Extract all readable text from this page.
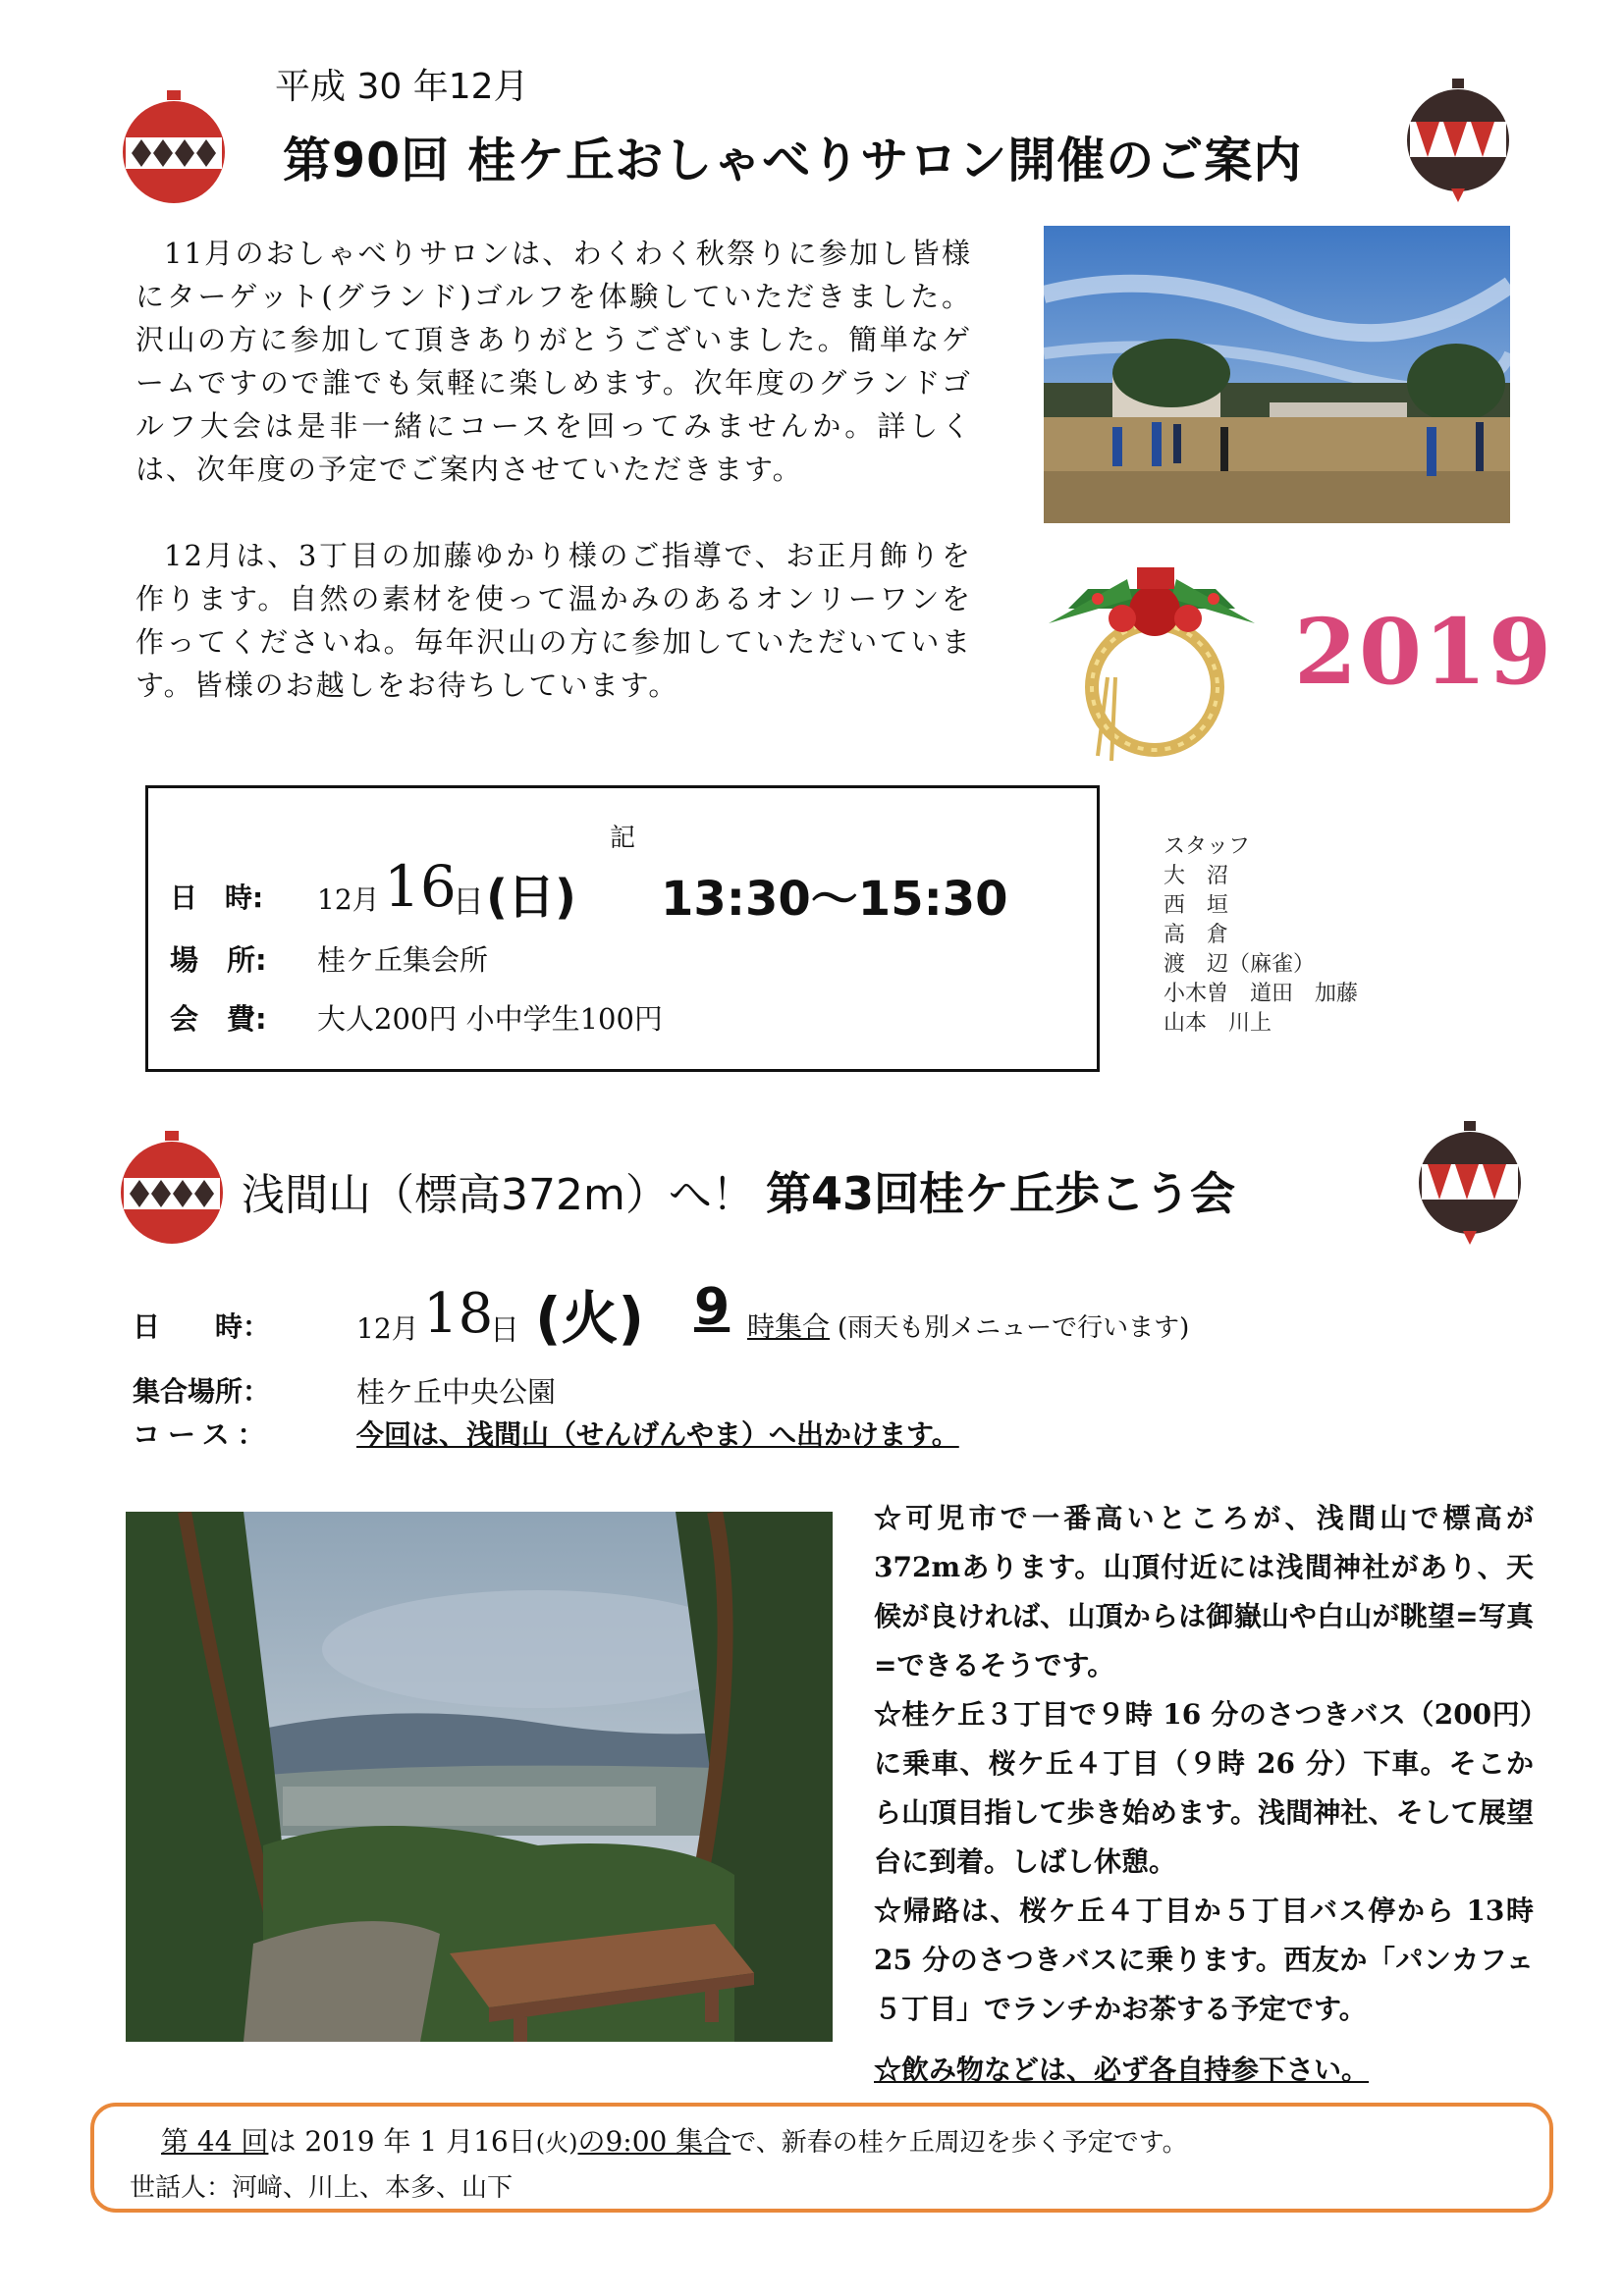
平成 30 年12月
第90回 桂ケ丘おしゃべりサロン開催のご案内

11月のおしゃべりサロンは、わくわく秋祭りに参加し皆様にターゲット(グランド)ゴルフを体験していただきました。沢山の方に参加して頂きありがとうございました。簡単なゲームですので誰でも気軽に楽しめます。次年度のグランドゴルフ大会は是非一緒にコースを回ってみませんか。詳しくは、次年度の予定でご案内させていただきます。

12月は、3丁目の加藤ゆかり様のご指導で、お正月飾りを作ります。自然の素材を使って温かみのあるオンリーワンを作ってくださいね。毎年沢山の方に参加していただいています。皆様のお越しをお待ちしています。	2019
記
日　時:	12月 16
日 (日) 13:30〜15:30
場　所:	桂ケ丘集会所
会　費:	大人200円 小中学生100円
スタッフ
大　沼
西　垣
高　倉
渡　辺（麻雀）
小木曽　道田　加藤
山本　川上
浅間山（標高372m）へ！ 第43回桂ケ丘歩こう会
日　　時：	12月 18
日 (火) 9 時集合 (雨天も別メニューで行います)
集合場所：	桂ケ丘中央公園
コース：	今回は、浅間山（せんげんやま）へ出かけます。

☆可児市で一番高いところが、浅間山で標高が372mあります。山頂付近には浅間神社があり、天候が良ければ、山頂からは御嶽山や白山が眺望=写真=できるそうです。

☆桂ケ丘３丁目で９時 16 分のさつきバス（200円）に乗車、桜ケ丘４丁目（９時 26 分）下車。そこから山頂目指して歩き始めます。浅間神社、そして展望台に到着。しばし休憩。

☆帰路は、桜ケ丘４丁目か５丁目バス停から 13時 25 分のさつきバスに乗ります。西友か「パンカフェ５丁目」でランチかお茶する予定です。

☆飲み物などは、必ず各自持参下さい。

第 44 回は 2019 年 1 月16日(火)の9:00 集合で、新春の桂ケ丘周辺を歩く予定です。
世話人：河﨑、川上、本多、山下
